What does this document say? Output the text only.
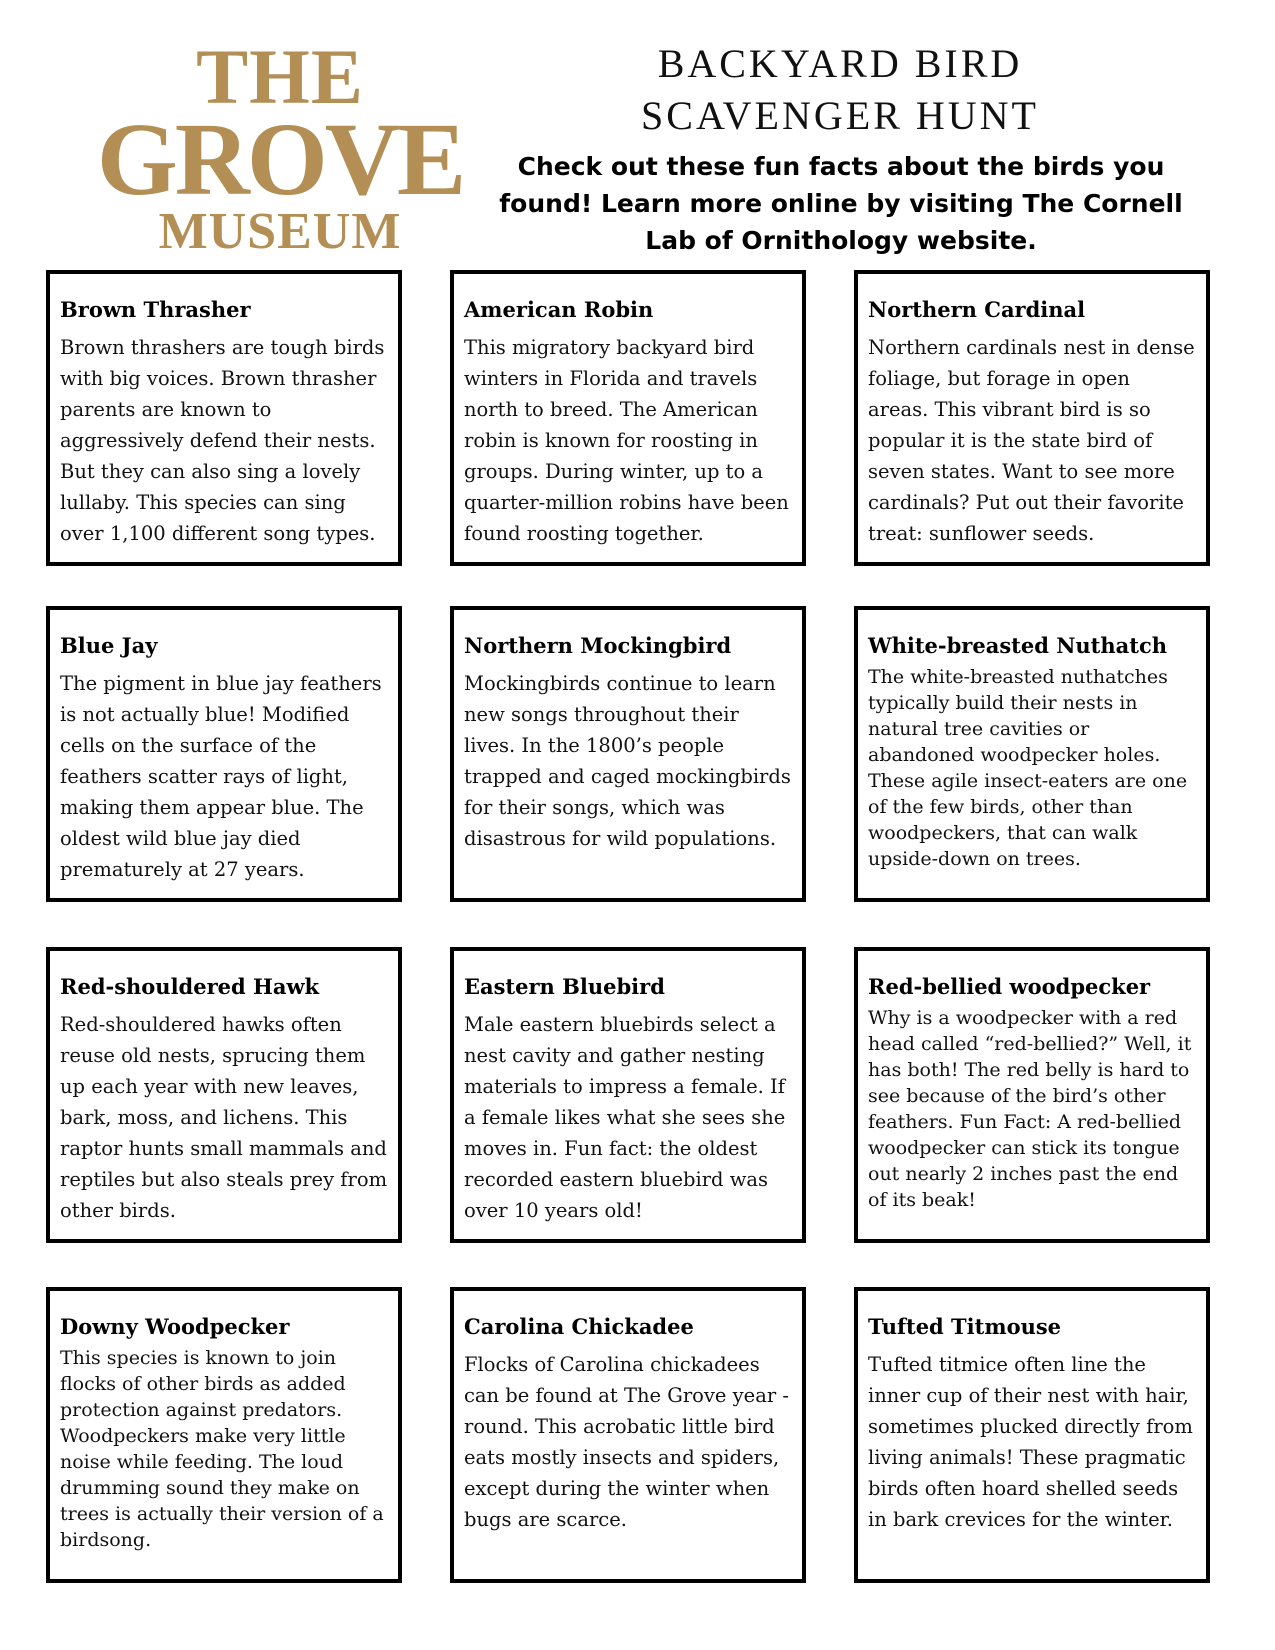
THE
GROVE
MUSEUM
BACKYARD BIRD
SCAVENGER HUNT
Check out these fun facts about the birds you found! Learn more online by visiting The Cornell Lab of Ornithology website.
Brown Thrasher

Brown thrashers are tough birds with big voices. Brown thrasher parents are known to aggressively defend their nests. But they can also sing a lovely lullaby. This species can sing over 1,100 different song types.

American Robin

This migratory backyard bird winters in Florida and travels north to breed. The American robin is known for roosting in groups. During winter, up to a quarter-million robins have been found roosting together.

Northern Cardinal

Northern cardinals nest in dense foliage, but forage in open areas. This vibrant bird is so popular it is the state bird of seven states. Want to see more cardinals? Put out their favorite treat: sunflower seeds.

Blue Jay

The pigment in blue jay feathers is not actually blue! Modified cells on the surface of the feathers scatter rays of light, making them appear blue. The oldest wild blue jay died prematurely at 27 years.

Northern Mockingbird

Mockingbirds continue to learn new songs throughout their lives. In the 1800’s people trapped and caged mockingbirds for their songs, which was disastrous for wild populations.

White-breasted Nuthatch

The white-breasted nuthatches typically build their nests in natural tree cavities or abandoned woodpecker holes. These agile insect-eaters are one of the few birds, other than woodpeckers, that can walk upside-down on trees.

Red-shouldered Hawk

Red-shouldered hawks often reuse old nests, sprucing them up each year with new leaves, bark, moss, and lichens. This raptor hunts small mammals and reptiles but also steals prey from other birds.

Eastern Bluebird

Male eastern bluebirds select a nest cavity and gather nesting materials to impress a female. If a female likes what she sees she moves in. Fun fact: the oldest recorded eastern bluebird was over 10 years old!

Red-bellied woodpecker

Why is a woodpecker with a red head called “red-bellied?” Well, it has both! The red belly is hard to see because of the bird’s other feathers. Fun Fact: A red-bellied woodpecker can stick its tongue out nearly 2 inches past the end of its beak!

Downy Woodpecker

This species is known to join flocks of other birds as added protection against predators. Woodpeckers make very little noise while feeding. The loud drumming sound they make on trees is actually their version of a birdsong.

Carolina Chickadee

Flocks of Carolina chickadees can be found at The Grove year -round. This acrobatic little bird eats mostly insects and spiders, except during the winter when bugs are scarce.

Tufted Titmouse

Tufted titmice often line the inner cup of their nest with hair, sometimes plucked directly from living animals! These pragmatic birds often hoard shelled seeds in bark crevices for the winter.
